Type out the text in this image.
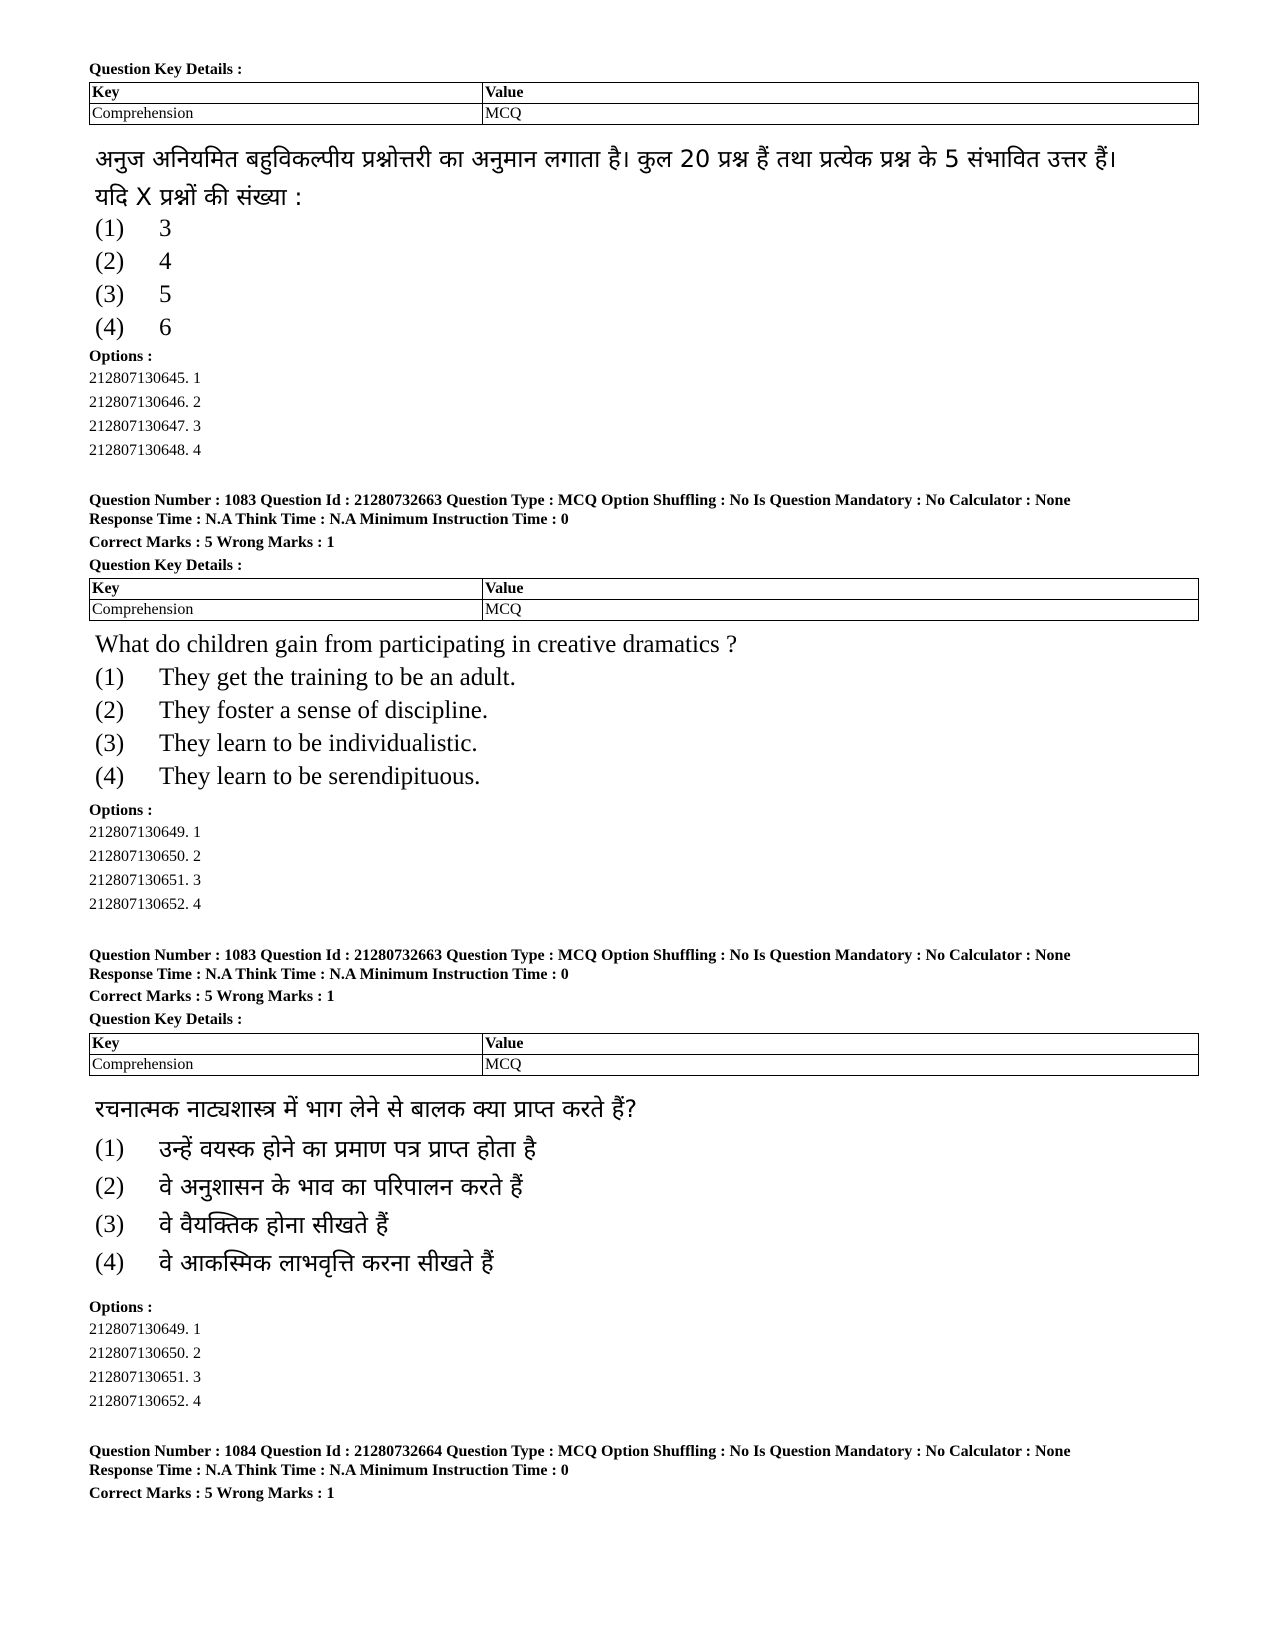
Question Key Details :
Key	Value
Comprehension	MCQ
अनुज अनियमित बहुविकल्पीय प्रश्नोत्तरी का अनुमान लगाता है। कुल 20 प्रश्न हैं तथा प्रत्येक प्रश्न के 5 संभावित उत्तर हैं।
यदि X प्रश्नों की संख्या :
(1)	3
(2)	4
(3)	5
(4)	6
Options :
212807130645. 1
212807130646. 2
212807130647. 3
212807130648. 4
Question Number : 1083 Question Id : 21280732663 Question Type : MCQ Option Shuffling : No Is Question Mandatory : No Calculator : None
Response Time : N.A Think Time : N.A Minimum Instruction Time : 0
Correct Marks : 5 Wrong Marks : 1
Question Key Details :
Key	Value
Comprehension	MCQ
What do children gain from participating in creative dramatics ?
(1)	They get the training to be an adult.
(2)	They foster a sense of discipline.
(3)	They learn to be individualistic.
(4)	They learn to be serendipituous.
Options :
212807130649. 1
212807130650. 2
212807130651. 3
212807130652. 4
Question Number : 1083 Question Id : 21280732663 Question Type : MCQ Option Shuffling : No Is Question Mandatory : No Calculator : None
Response Time : N.A Think Time : N.A Minimum Instruction Time : 0
Correct Marks : 5 Wrong Marks : 1
Question Key Details :
Key	Value
Comprehension	MCQ
रचनात्मक नाट्यशास्त्र में भाग लेने से बालक क्या प्राप्त करते हैं?
(1)	उन्हें वयस्क होने का प्रमाण पत्र प्राप्त होता है
(2)	वे अनुशासन के भाव का परिपालन करते हैं
(3)	वे वैयक्तिक होना सीखते हैं
(4)	वे आकस्मिक लाभवृत्ति करना सीखते हैं
Options :
212807130649. 1
212807130650. 2
212807130651. 3
212807130652. 4
Question Number : 1084 Question Id : 21280732664 Question Type : MCQ Option Shuffling : No Is Question Mandatory : No Calculator : None
Response Time : N.A Think Time : N.A Minimum Instruction Time : 0
Correct Marks : 5 Wrong Marks : 1
